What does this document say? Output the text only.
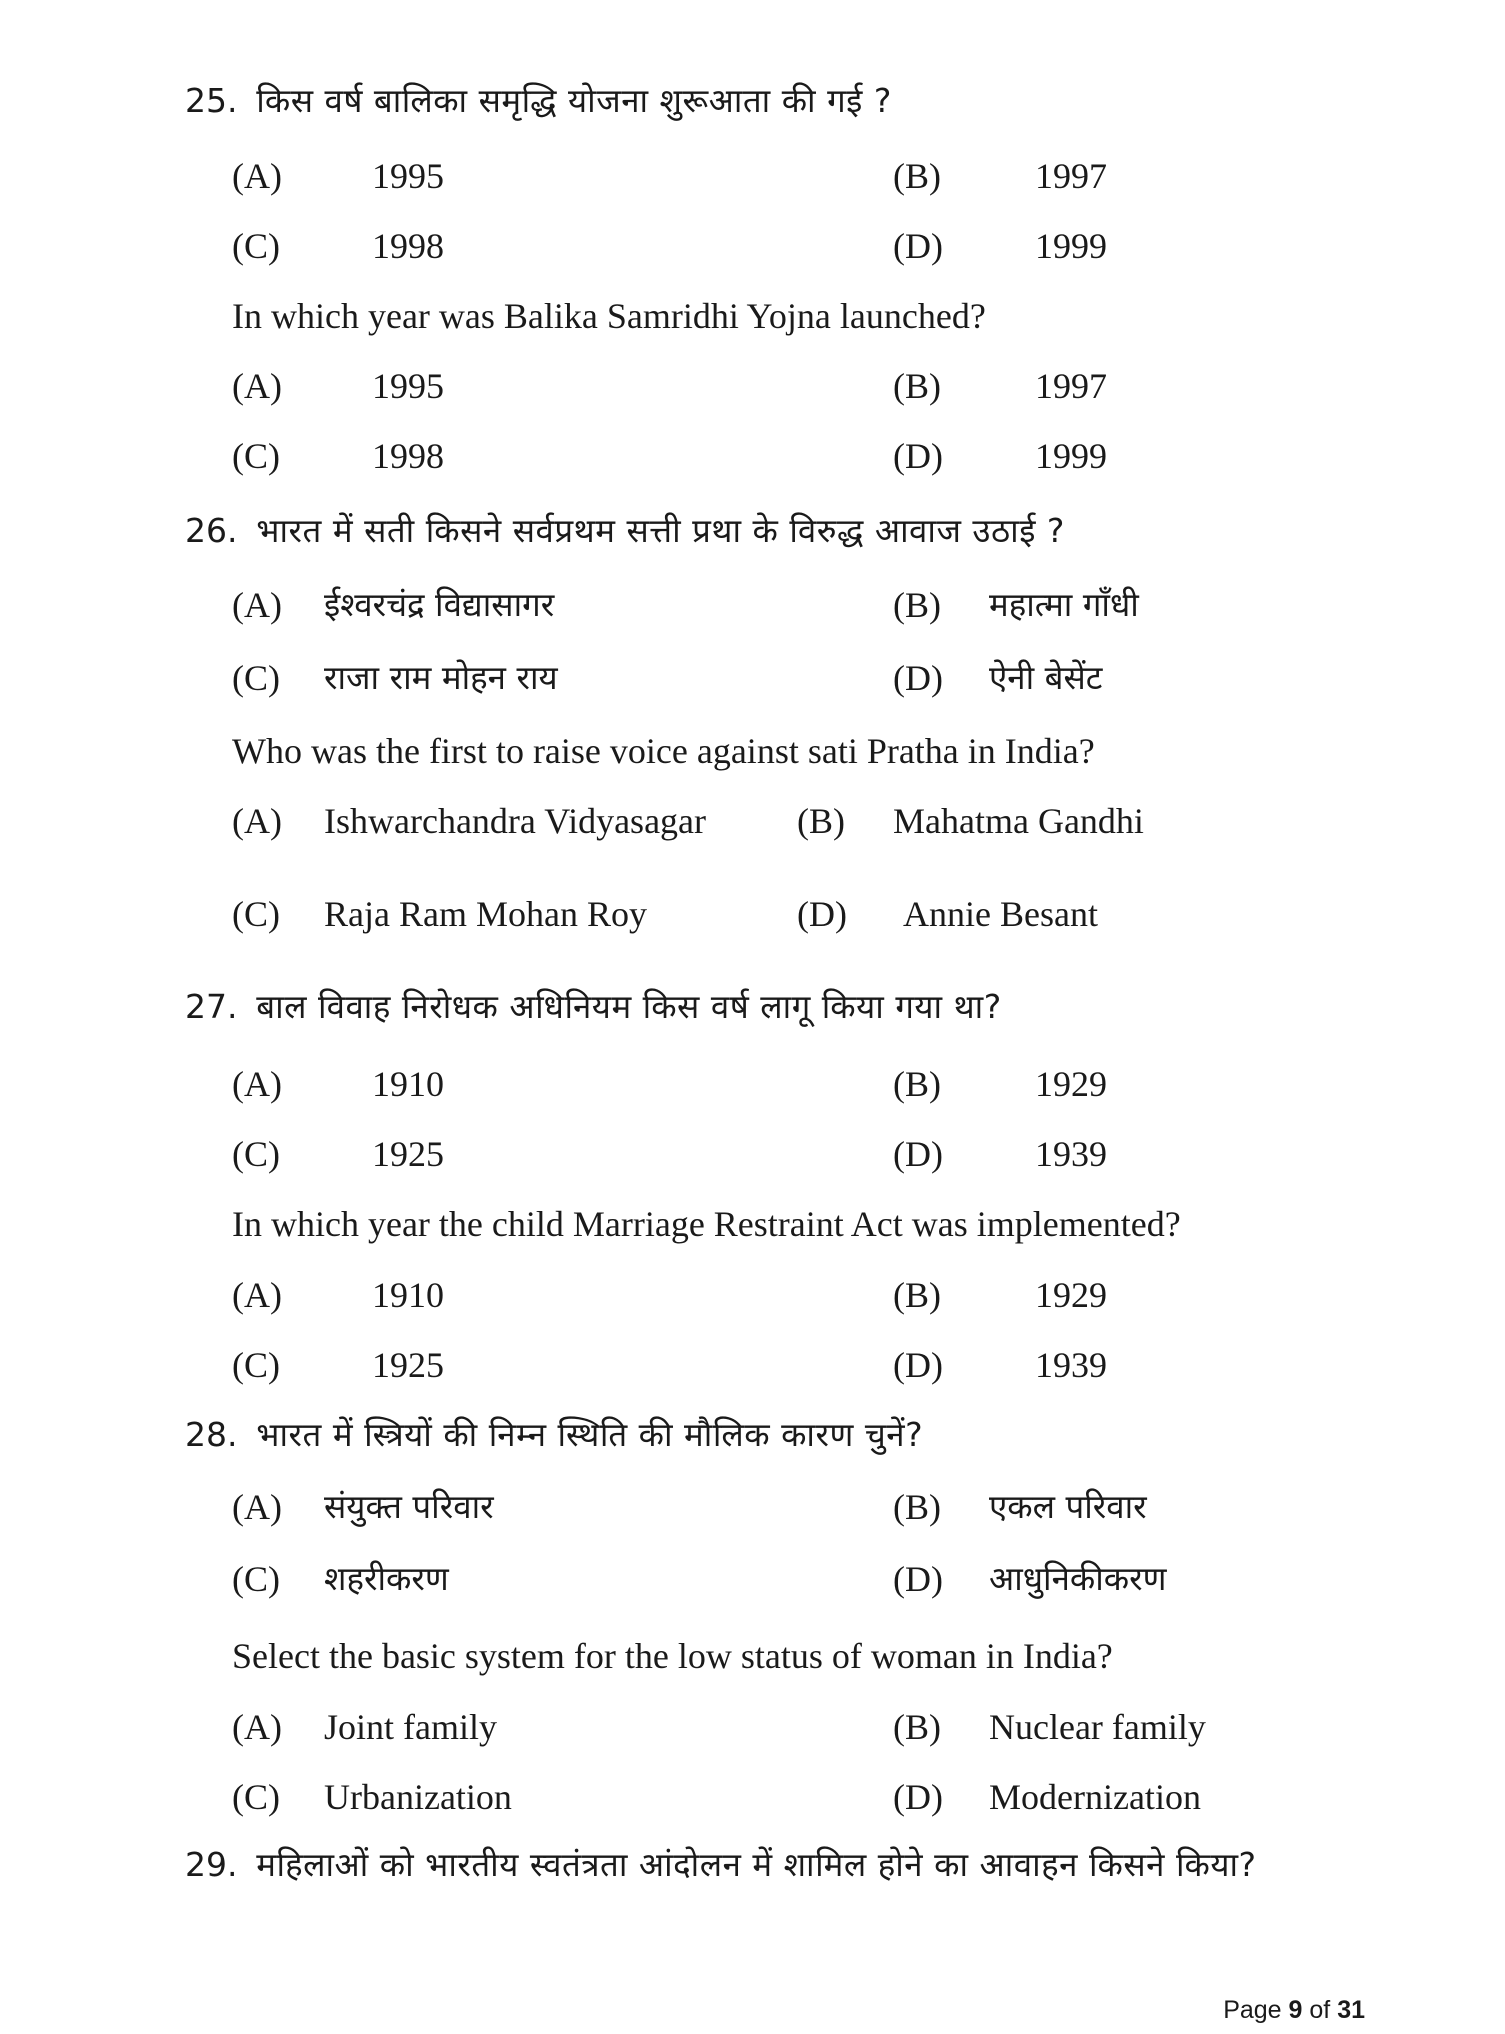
25. किस वर्ष बालिका समृद्धि योजना शुरूआता की गई ?
(A)	1995	(B)	1997
(C)	1998	(D)	1999
In which year was Balika Samridhi Yojna launched?
(A)	1995	(B)	1997
(C)	1998	(D)	1999
26. भारत में सती किसने सर्वप्रथम सत्ती प्रथा के विरुद्ध आवाज उठाई ?
(A) ईश्वरचंद्र विद्यासागर	(B) महात्मा गाँधी
(C) राजा राम मोहन राय	(D) ऐनी बेसेंट
Who was the first to raise voice against sati Pratha in India?
(A) Ishwarchandra Vidyasagar	(B) Mahatma Gandhi
(C) Raja Ram Mohan Roy	(D) Annie Besant
27. बाल विवाह निरोधक अधिनियम किस वर्ष लागू किया गया था?
(A)	1910	(B)	1929
(C)	1925	(D)	1939
In which year the child Marriage Restraint Act was implemented?
(A)	1910	(B)	1929
(C)	1925	(D)	1939
28. भारत में स्त्रियों की निम्न स्थिति की मौलिक कारण चुनें?
(A) संयुक्त परिवार	(B) एकल परिवार
(C) शहरीकरण	(D) आधुनिकीकरण
Select the basic system for the low status of woman in India?
(A) Joint family	(B) Nuclear family
(C) Urbanization	(D) Modernization
29. महिलाओं को भारतीय स्वतंत्रता आंदोलन में शामिल होने का आवाहन किसने किया?
Page 9 of 31
